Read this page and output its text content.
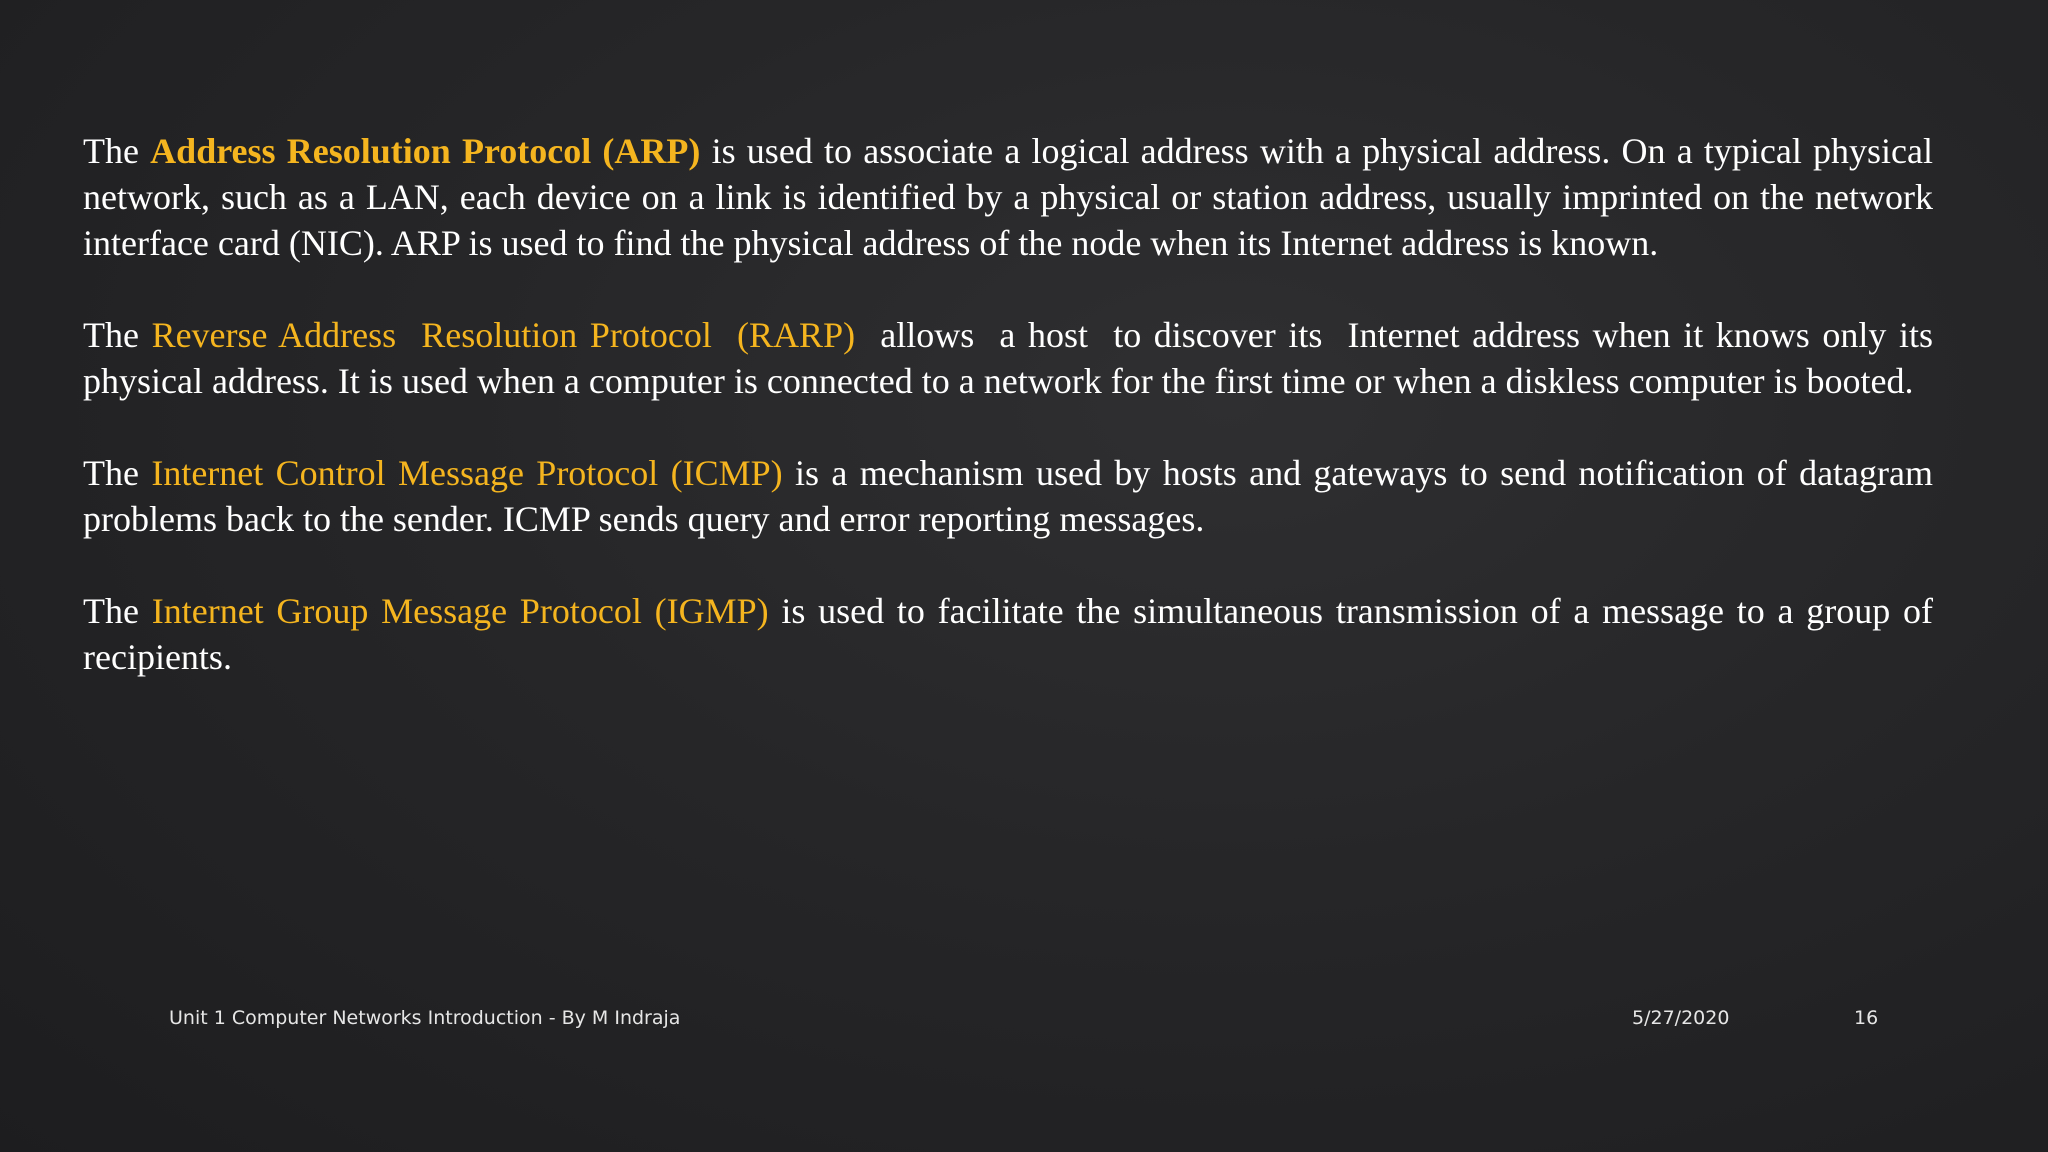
The Address Resolution Protocol (ARP) is used to associate a logical address with a physical address. On a typical physical network, such as a LAN, each device on a link is identified by a physical or station address, usually imprinted on the network interface card (NIC). ARP is used to find the physical address of the node when its Internet address is known.

The Reverse Address  Resolution Protocol  (RARP)  allows  a host  to discover its  Internet address when it knows only its physical address. It is used when a computer is connected to a network for the first time or when a diskless computer is booted.

The Internet Control Message Protocol (ICMP) is a mechanism used by hosts and gateways to send notification of datagram problems back to the sender. ICMP sends query and error reporting messages.

The Internet Group Message Protocol (IGMP) is used to facilitate the simultaneous transmission of a message to a group of recipients.

Unit 1 Computer Networks Introduction - By M Indraja	5/27/2020	16
